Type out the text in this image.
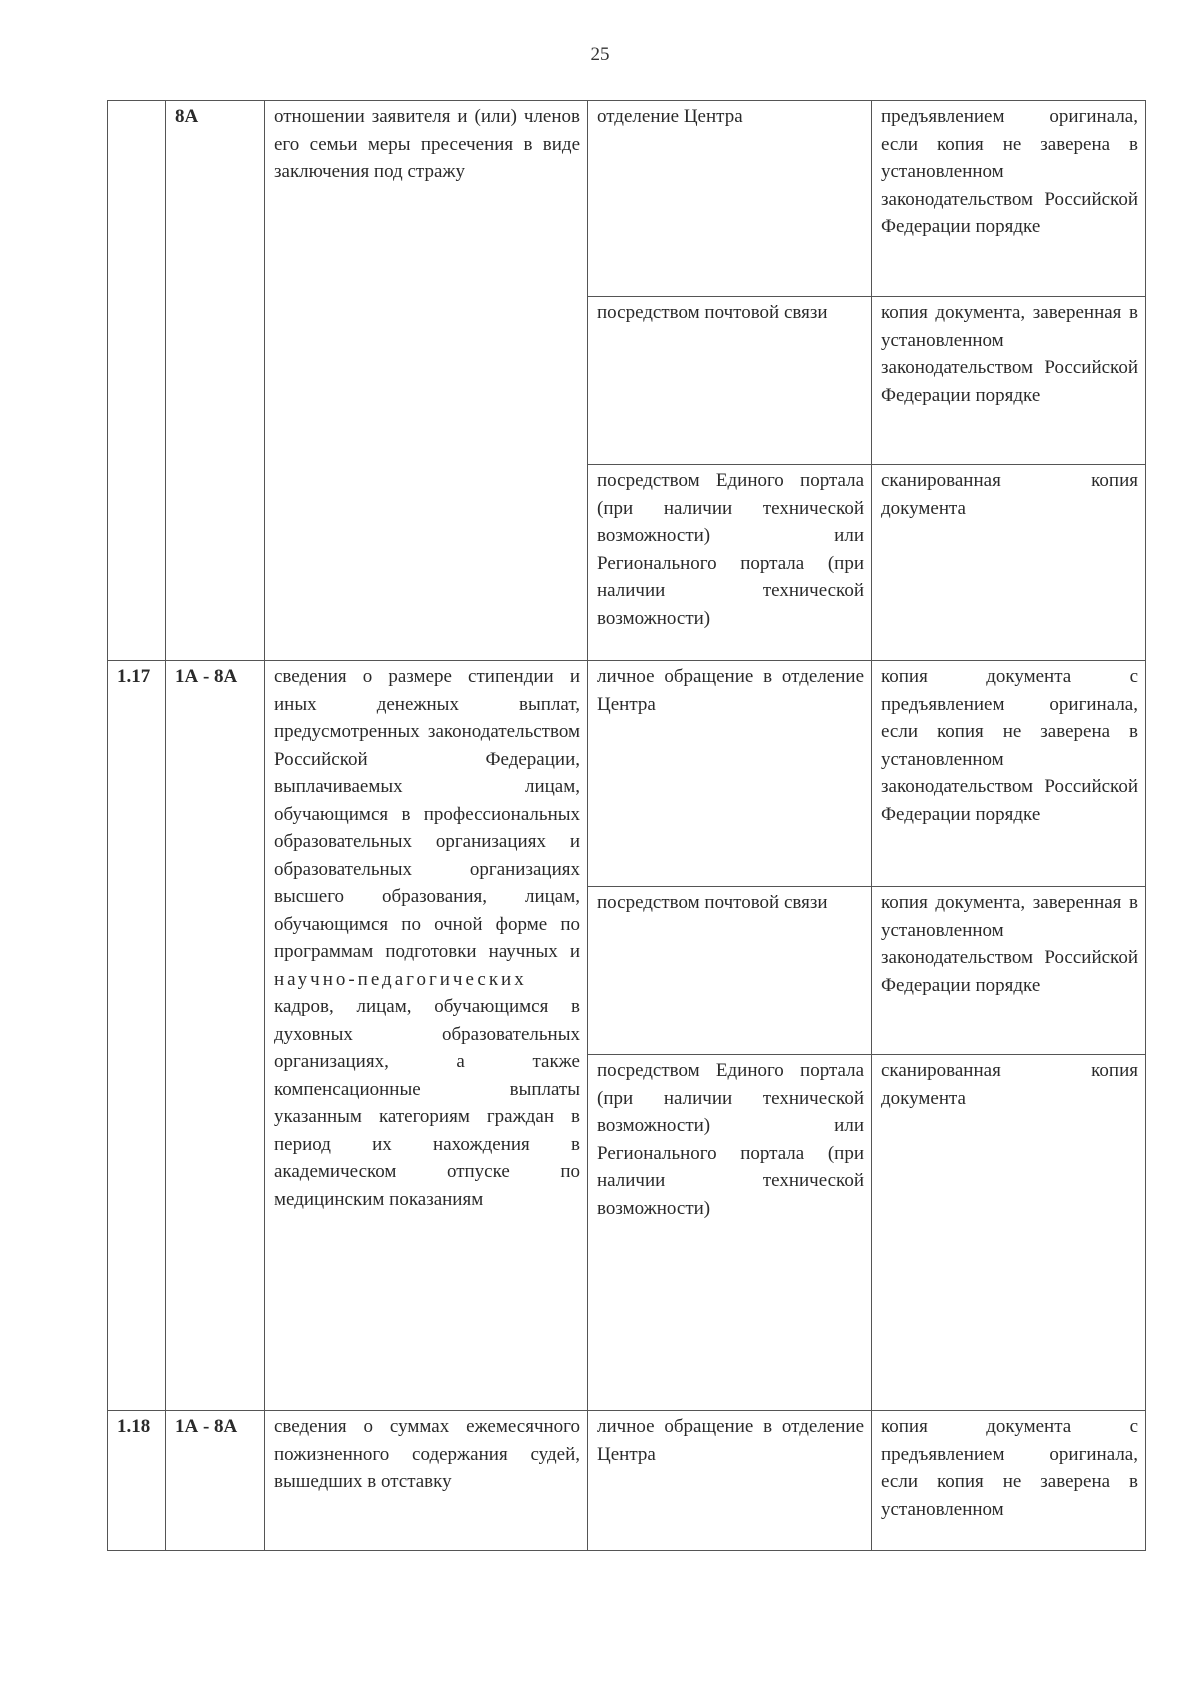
25
	8А	отношении заявителя и (или) членов его семьи меры пресечения в виде заключения под стражу	отделение Центра	предъявлением оригинала, если копия не заверена в установленном законодательством Российской Федерации порядке
			посредством почтовой связи	копия документа, заверенная в установленном законодательством Российской Федерации порядке
			посредством Единого портала (при наличии технической возможности) или Регионального портала (при наличии технической возможности)	сканированная копия документа
1.17	1А - 8А	сведения о размере стипендии и иных денежных выплат, предусмотренных законодательством Российской Федерации, выплачиваемых лицам, обучающимся в профессиональных образовательных организациях и образовательных организациях высшего образования, лицам, обучающимся по очной форме по программам подготовки научных и научно-педагогических кадров, лицам, обучающимся в духовных образовательных организациях, а также компенсационные выплаты указанным категориям граждан в период их нахождения в академическом отпуске по медицинским показаниям	личное обращение в отделение Центра	копия документа с предъявлением оригинала, если копия не заверена в установленном законодательством Российской Федерации порядке
			посредством почтовой связи	копия документа, заверенная в установленном законодательством Российской Федерации порядке
			посредством Единого портала (при наличии технической возможности) или Регионального портала (при наличии технической возможности)	сканированная копия документа
1.18	1А - 8А	сведения о суммах ежемесячного пожизненного содержания судей, вышедших в отставку	личное обращение в отделение Центра	копия документа с предъявлением оригинала, если копия не заверена в установленном
